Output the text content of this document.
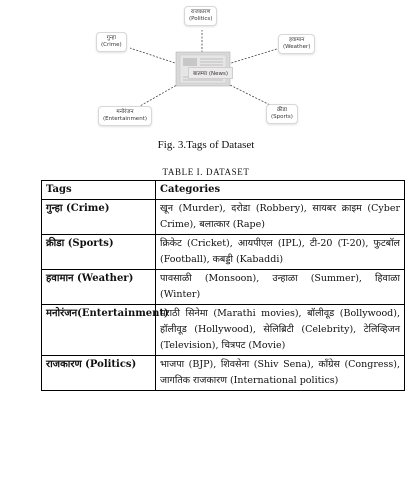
बातम्या (News)
राजकारण
(Politics)
गुन्हा
(Crime)
हवामान
(Weather)
मनोरंजन
(Entertainment)
क्रीडा
(Sports)
Fig. 3.Tags of Dataset
TABLE I. DATASET
Tags	Categories
गुन्हा (Crime)	खून (Murder), दरोडा (Robbery), सायबर क्राइम (Cyber Crime), बलात्कार (Rape)
क्रीडा (Sports)	क्रिकेट (Cricket), आयपीएल (IPL), टी-20 (T-20), फुटबॉल (Football), कबड्डी (Kabaddi)
हवामान (Weather)	पावसाळी (Monsoon), उन्हाळा (Summer), हिवाळा (Winter)
मनोरंजन(Entertainment)	मराठी सिनेमा (Marathi movies), बॉलीवूड (Bollywood), हॉलीवूड (Hollywood), सेलिब्रिटी (Celebrity), टेलिव्हिजन (Television), चित्रपट (Movie)
राजकारण (Politics)	भाजपा (BJP), शिवसेना (Shiv Sena), कॉंग्रेस (Congress), जागतिक राजकारण (International politics)
